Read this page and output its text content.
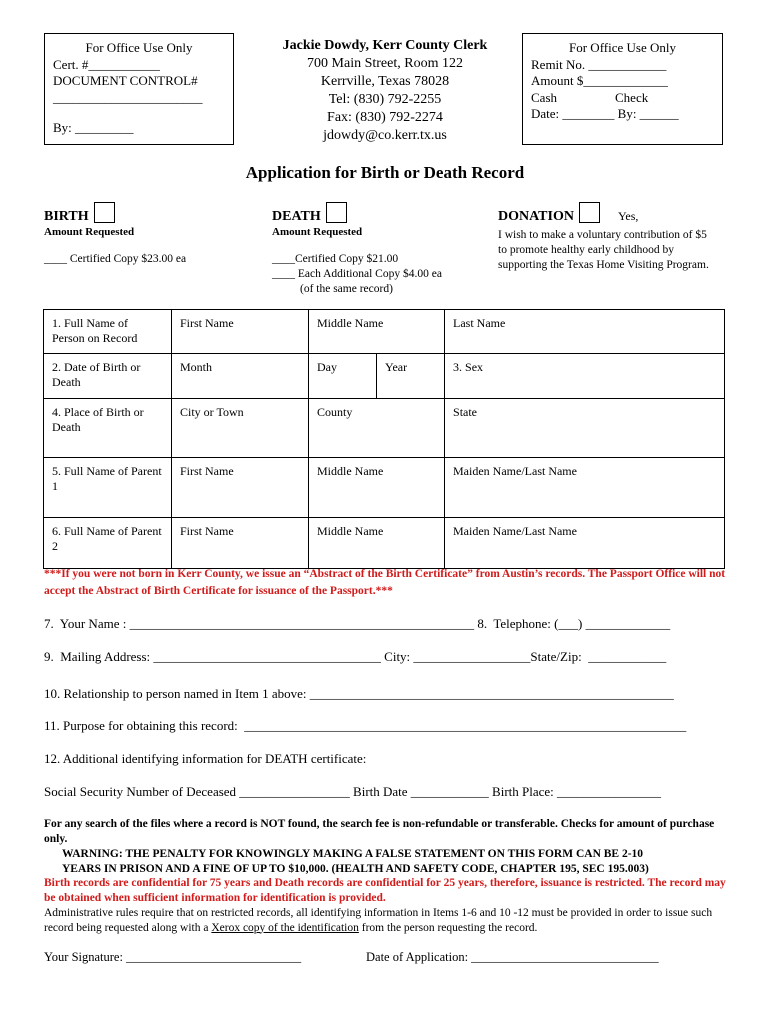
For Office Use Only
Cert. #___________
DOCUMENT CONTROL#
_______________________
By: _________
Jackie Dowdy, Kerr County Clerk
700 Main Street, Room 122
Kerrville, Texas 78028
Tel: (830) 792-2255
Fax: (830) 792-2274
jdowdy@co.kerr.tx.us
For Office Use Only
Remit No. ____________
Amount $_____________
Cash	Check
Date: ________ By: ______
Application for Birth or Death Record
BIRTH
Amount Requested
____ Certified Copy $23.00 ea
DEATH
Amount Requested
____Certified Copy $21.00
____ Each Additional Copy $4.00 ea
(of the same record)
DONATION	Yes,
I wish to make a voluntary contribution of $5 to promote healthy early childhood by supporting the Texas Home Visiting Program.
1. Full Name of Person on Record	First Name	Middle Name		Last Name
2. Date of Birth or Death	Month	Day	Year	3. Sex
4. Place of Birth or Death	City or Town	County		State
5. Full Name of Parent 1	First Name	Middle Name		Maiden Name/Last Name
6. Full Name of Parent 2	First Name	Middle Name		Maiden Name/Last Name
***If you were not born in Kerr County, we issue an “Abstract of the Birth Certificate” from Austin’s records. The Passport Office will not accept the Abstract of Birth Certificate for issuance of the Passport.***
7.  Your Name : _____________________________________________________ 8.  Telephone: (___) _____________
9.  Mailing Address: ___________________________________ City: __________________State/Zip:  ____________
10. Relationship to person named in Item 1 above: ________________________________________________________
11. Purpose for obtaining this record:  ____________________________________________________________________
12. Additional identifying information for DEATH certificate:
Social Security Number of Deceased _________________ Birth Date ____________ Birth Place: ________________
For any search of the files where a record is NOT found, the search fee is non-refundable or transferable. Checks for amount of purchase only.
WARNING: THE PENALTY FOR KNOWINGLY MAKING A FALSE STATEMENT ON THIS FORM CAN BE 2-10
YEARS IN PRISON AND A FINE OF UP TO $10,000. (HEALTH AND SAFETY CODE, CHAPTER 195, SEC 195.003)
Birth records are confidential for 75 years and Death records are confidential for 25 years, therefore, issuance is restricted. The record may be obtained when sufficient information for identification is provided.
Administrative rules require that on restricted records, all identifying information in Items 1-6 and 10 -12 must be provided in order to issue such record being requested along with a Xerox copy of the identification from the person requesting the record.
Your Signature: ____________________________	Date of Application: ______________________________
